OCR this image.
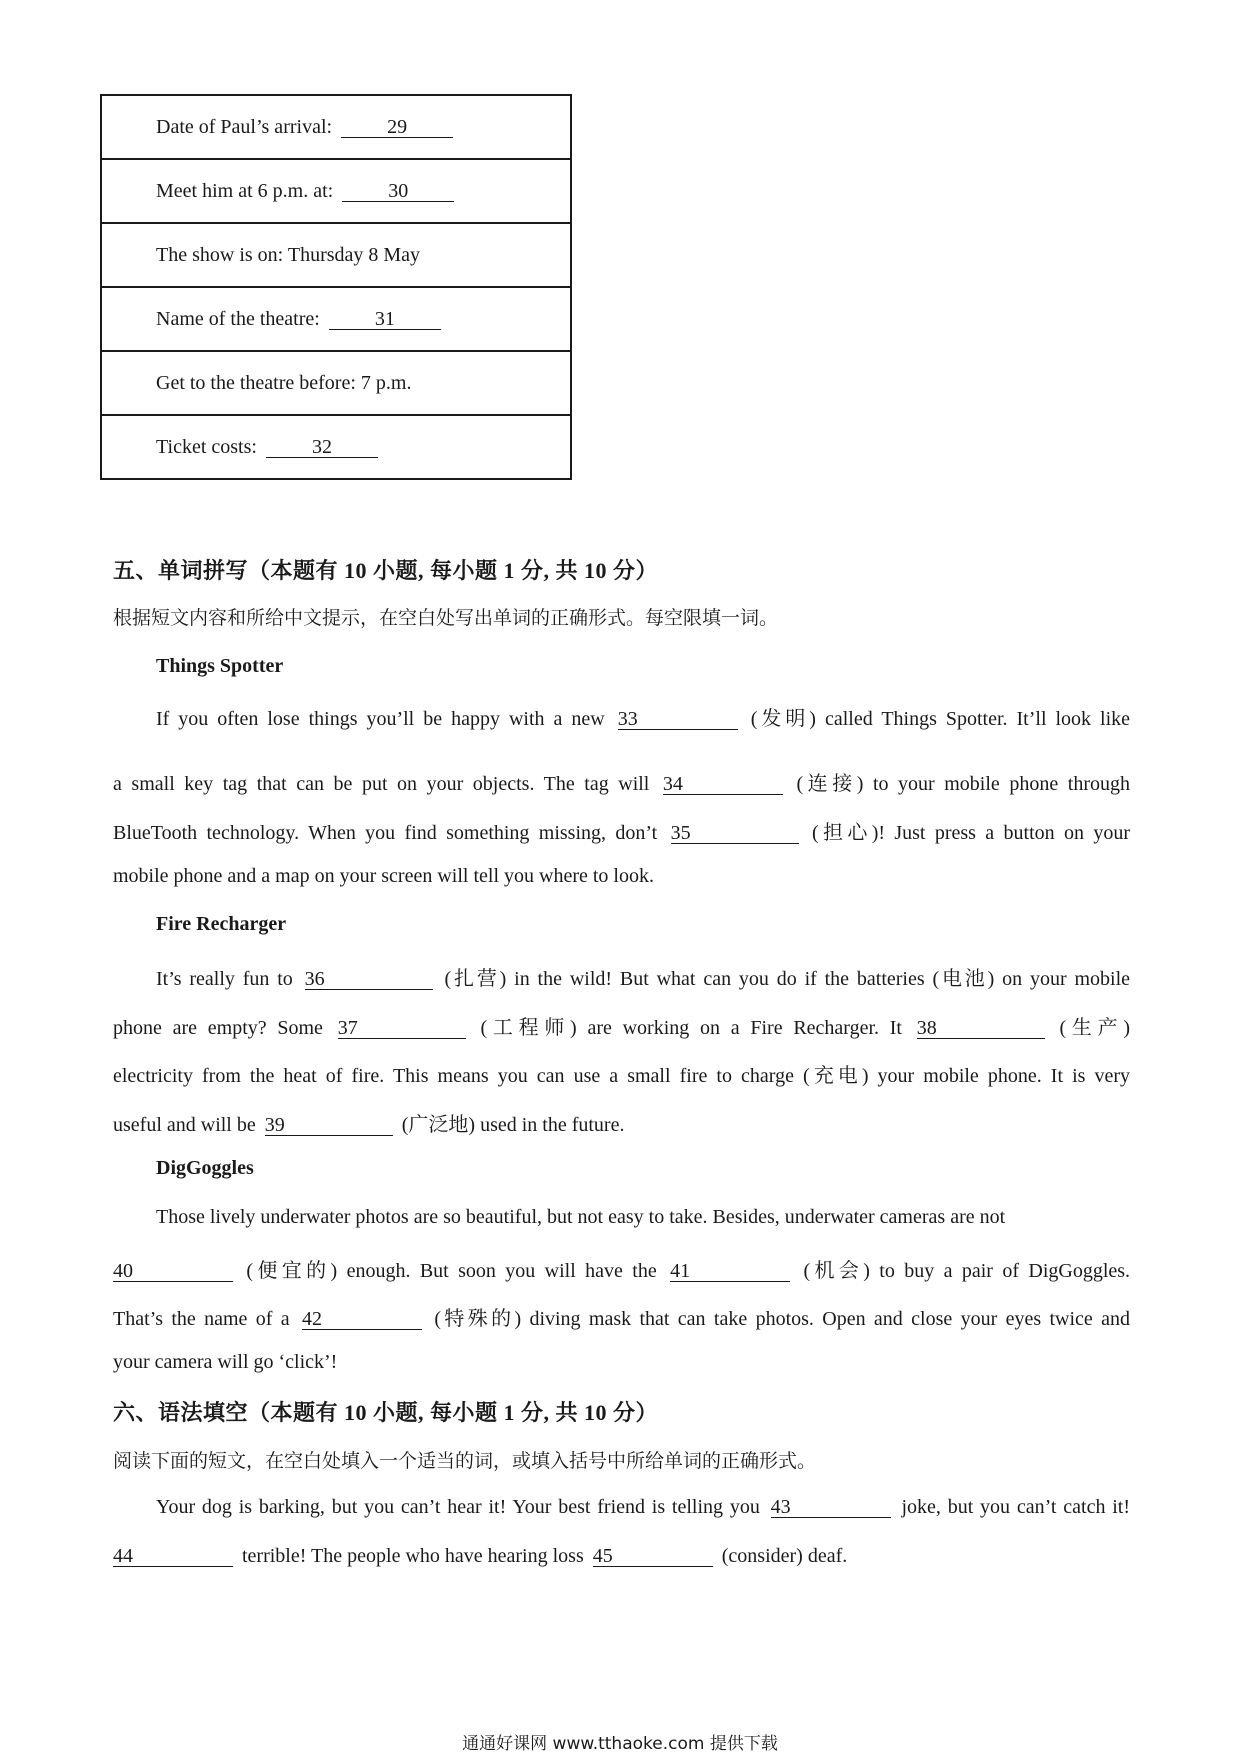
Date of Paul’s arrival:	29
Meet him at 6 p.m. at:	30
The show is on: Thursday 8 May
Name of the theatre:	31
Get to the theatre before: 7 p.m.
Ticket costs:	32
五、单词拼写（本题有 10 小题, 每小题 1 分, 共 10 分）
根据短文内容和所给中文提示，在空白处写出单词的正确形式。每空限填一词。
Things Spotter
If you often lose things you’ll be happy with a new 33	(发明) called Things Spotter. It’ll look like
a small key tag that can be put on your objects. The tag will 34	(连接) to your mobile phone through
BlueTooth technology. When you find something missing, don’t 35	(担心)! Just press a button on your
mobile phone and a map on your screen will tell you where to look.
Fire Recharger
It’s really fun to 36	(扎营) in the wild! But what can you do if the batteries (电池) on your mobile
phone are empty? Some 37	(工程师) are working on a Fire Recharger. It 38	(生产)
electricity from the heat of fire. This means you can use a small fire to charge (充电) your mobile phone. It is very
useful and will be 39	(广泛地) used in the future.
DigGoggles
Those lively underwater photos are so beautiful, but not easy to take. Besides, underwater cameras are not
40	(便宜的) enough. But soon you will have the 41	(机会) to buy a pair of DigGoggles.
That’s the name of a 42	(特殊的) diving mask that can take photos. Open and close your eyes twice and
your camera will go ‘click’!
六、语法填空（本题有 10 小题, 每小题 1 分, 共 10 分）
阅读下面的短文，在空白处填入一个适当的词，或填入括号中所给单词的正确形式。
Your dog is barking, but you can’t hear it! Your best friend is telling you 43	joke, but you can’t catch it!
44	terrible! The people who have hearing loss 45	(consider) deaf.
通通好课网 www.tthaoke.com 提供下载
